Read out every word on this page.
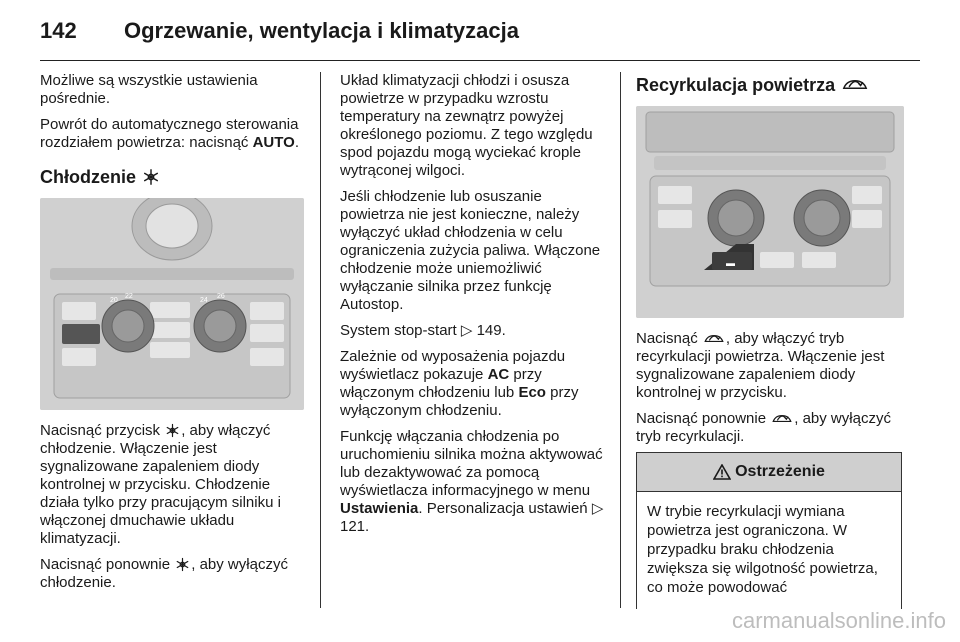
142 Ogrzewanie, wentylacja i klimatyzacja

Możliwe są wszystkie ustawienia pośrednie.

Powrót do automatycznego sterowania rozdziałem powietrza: nacisnąć AUTO.

Chłodzenie
20
22
24
26

Nacisnąć przycisk , aby włączyć chłodzenie. Włączenie jest sygnalizowane zapaleniem diody kontrolnej w przycisku. Chłodzenie działa tylko przy pracującym silniku i włączonej dmuchawie układu klimatyzacji.

Nacisnąć ponownie , aby wyłączyć chłodzenie.

Układ klimatyzacji chłodzi i osusza powietrze w przypadku wzrostu temperatury na zewnątrz powyżej określonego poziomu. Z tego względu spod pojazdu mogą wyciekać krople wytrąconej wilgoci.

Jeśli chłodzenie lub osuszanie powietrza nie jest konieczne, należy wyłączyć układ chłodzenia w celu ograniczenia zużycia paliwa. Włączone chłodzenie może uniemożliwić wyłączanie silnika przez funkcję Autostop.

System stop-start ▷ 149.

Zależnie od wyposażenia pojazdu wyświetlacz pokazuje AC przy włączonym chłodzeniu lub Eco przy wyłączonym chłodzeniu.

Funkcję włączania chłodzenia po uruchomieniu silnika można aktywować lub dezaktywować za pomocą wyświetlacza informacyjnego w menu Ustawienia. Personalizacja ustawień ▷ 121.

Recyrkulacja powietrza
▬

Nacisnąć , aby włączyć tryb recyrkulacji powietrza. Włączenie jest sygnalizowane zapaleniem diody kontrolnej w przycisku.

Nacisnąć ponownie , aby wyłączyć tryb recyrkulacji.

Ostrzeżenie
W trybie recyrkulacji wymiana powietrza jest ograniczona. W przypadku braku chłodzenia zwiększa się wilgotność powietrza, co może powodować
carmanualsonline.info
